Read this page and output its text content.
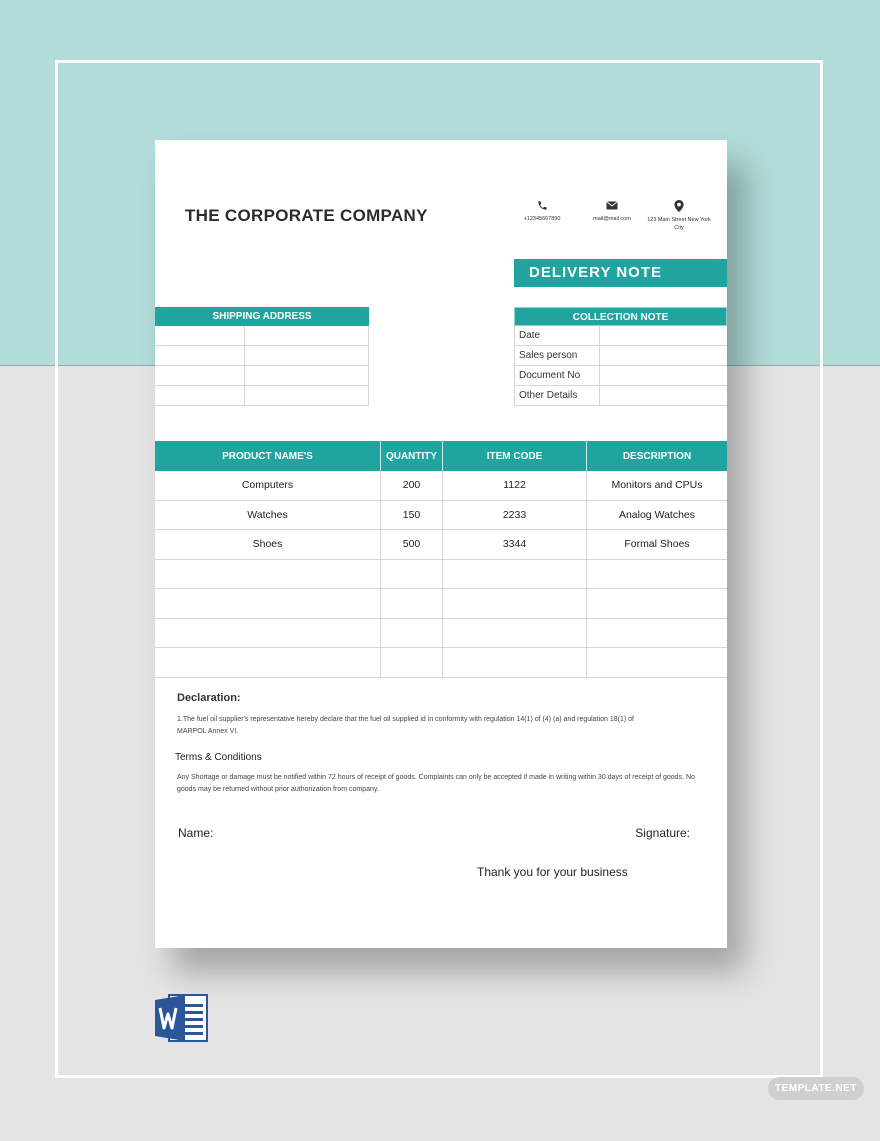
THE CORPORATE COMPANY	+12345667890	mail@mail.com	123 Main Street New York City
DELIVERY NOTE
SHIPPING ADDRESS	COLLECTION NOTE
Date
Sales person
Document No
Other Details
PRODUCT NAME'S	QUANTITY	ITEM CODE	DESCRIPTION
Computers	200	1122	Monitors and CPUs
Watches	150	2233	Analog Watches
Shoes	500	3344	Formal Shoes
Declaration:
1.The fuel oil supplier's representative hereby declare that the fuel oil supplied id in conformity with regulation 14(1) of (4) (a) and regulation 18(1) of MARPOL Annex VI.
Terms & Conditions
Any Shortage or damage must be notified within 72 hours of receipt of goods. Complaints can only be accepted if made in writing within 30 days of receipt of goods. No goods may be returned without prior authorization from company.
Name:	Signature:
Thank you for your business
TEMPLATE.NET
